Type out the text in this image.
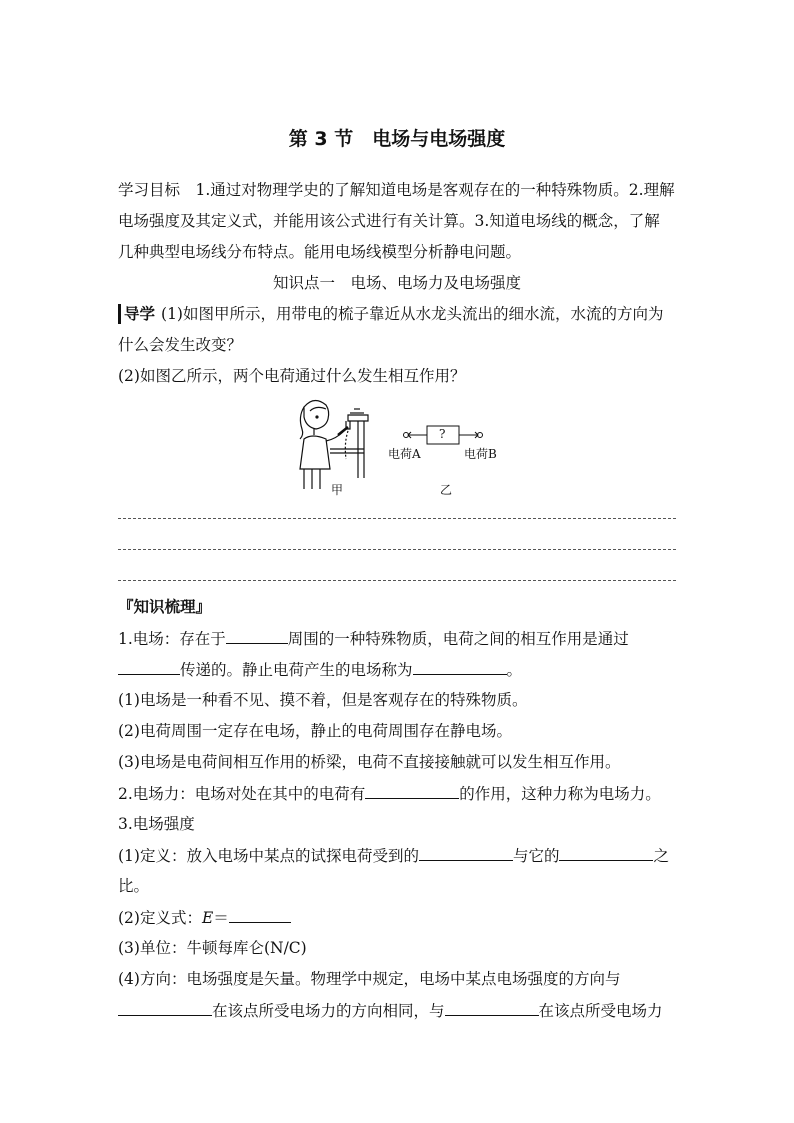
第 3 节　电场与电场强度
学习目标　1.通过对物理学史的了解知道电场是客观存在的一种特殊物质。2.理解
电场强度及其定义式，并能用该公式进行有关计算。3.知道电场线的概念，了解
几种典型电场线分布特点。能用电场线模型分析静电问题。
知识点一　电场、电场力及电场强度
导学 (1)如图甲所示，用带电的梳子靠近从水龙头流出的细水流，水流的方向为
什么会发生改变？
(2)如图乙所示，两个电荷通过什么发生相互作用？
?
电荷A	电荷B
甲	乙
『知识梳理』
1.电场：存在于	周围的一种特殊物质，电荷之间的相互作用是通过
传递的。静止电荷产生的电场称为	。
(1)电场是一种看不见、摸不着，但是客观存在的特殊物质。
(2)电荷周围一定存在电场，静止的电荷周围存在静电场。
(3)电场是电荷间相互作用的桥梁，电荷不直接接触就可以发生相互作用。
2.电场力：电场对处在其中的电荷有	的作用，这种力称为电场力。
3.电场强度
(1)定义：放入电场中某点的试探电荷受到的	与它的	之
比。
(2)定义式：E＝
(3)单位：牛顿每库仑(N/C)
(4)方向：电场强度是矢量。物理学中规定，电场中某点电场强度的方向与
在该点所受电场力的方向相同，与	在该点所受电场力
